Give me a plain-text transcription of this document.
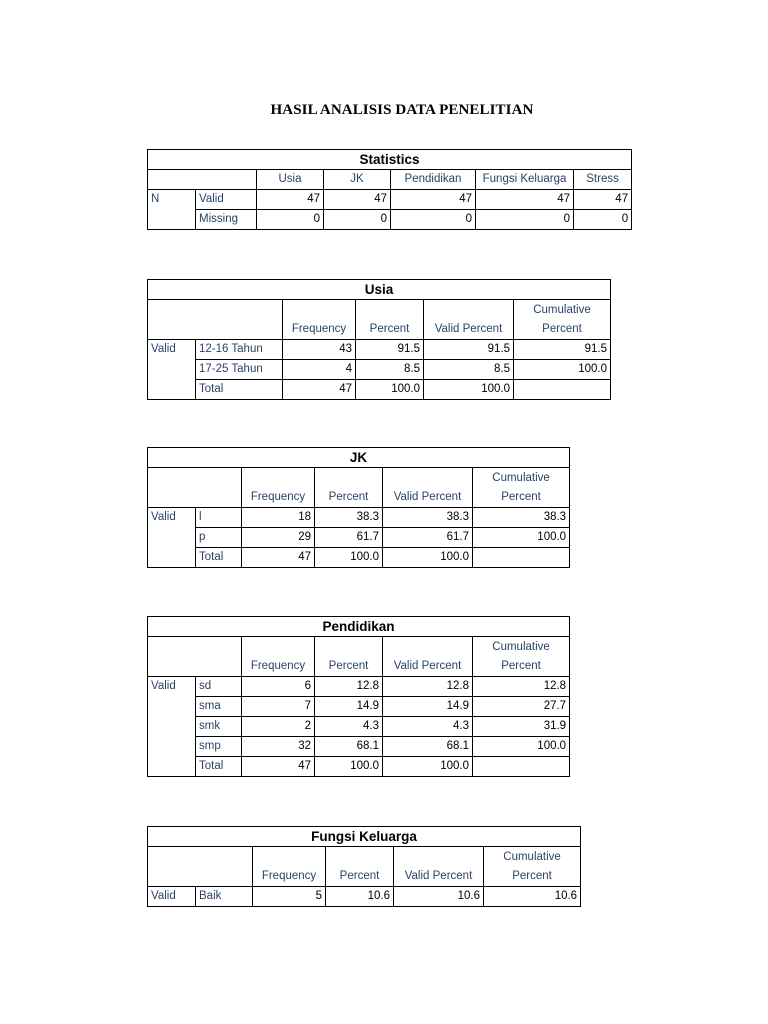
HASIL ANALISIS DATA PENELITIAN
Statistics						
		Usia	JK	Pendidikan	Fungsi Keluarga	Stress
N	Valid	47	47	47	47	47
	Missing	0	0	0	0	0
Usia					
		Frequency	Percent	Valid Percent	Cumulative
Percent

Valid	12-16 Tahun	43	91.5	91.5	91.5
	17-25 Tahun	4	8.5	8.5	100.0
	Total	47	100.0	100.0	
JK					
		Frequency	Percent	Valid Percent	Cumulative
Percent

Valid	l	18	38.3	38.3	38.3
	p	29	61.7	61.7	100.0
	Total	47	100.0	100.0	
Pendidikan					
		Frequency	Percent	Valid Percent	Cumulative
Percent

Valid	sd	6	12.8	12.8	12.8
	sma	7	14.9	14.9	27.7
	smk	2	4.3	4.3	31.9
	smp	32	68.1	68.1	100.0
	Total	47	100.0	100.0	
Fungsi Keluarga					
		Frequency	Percent	Valid Percent	Cumulative
Percent

Valid	Baik	5	10.6	10.6	10.6
